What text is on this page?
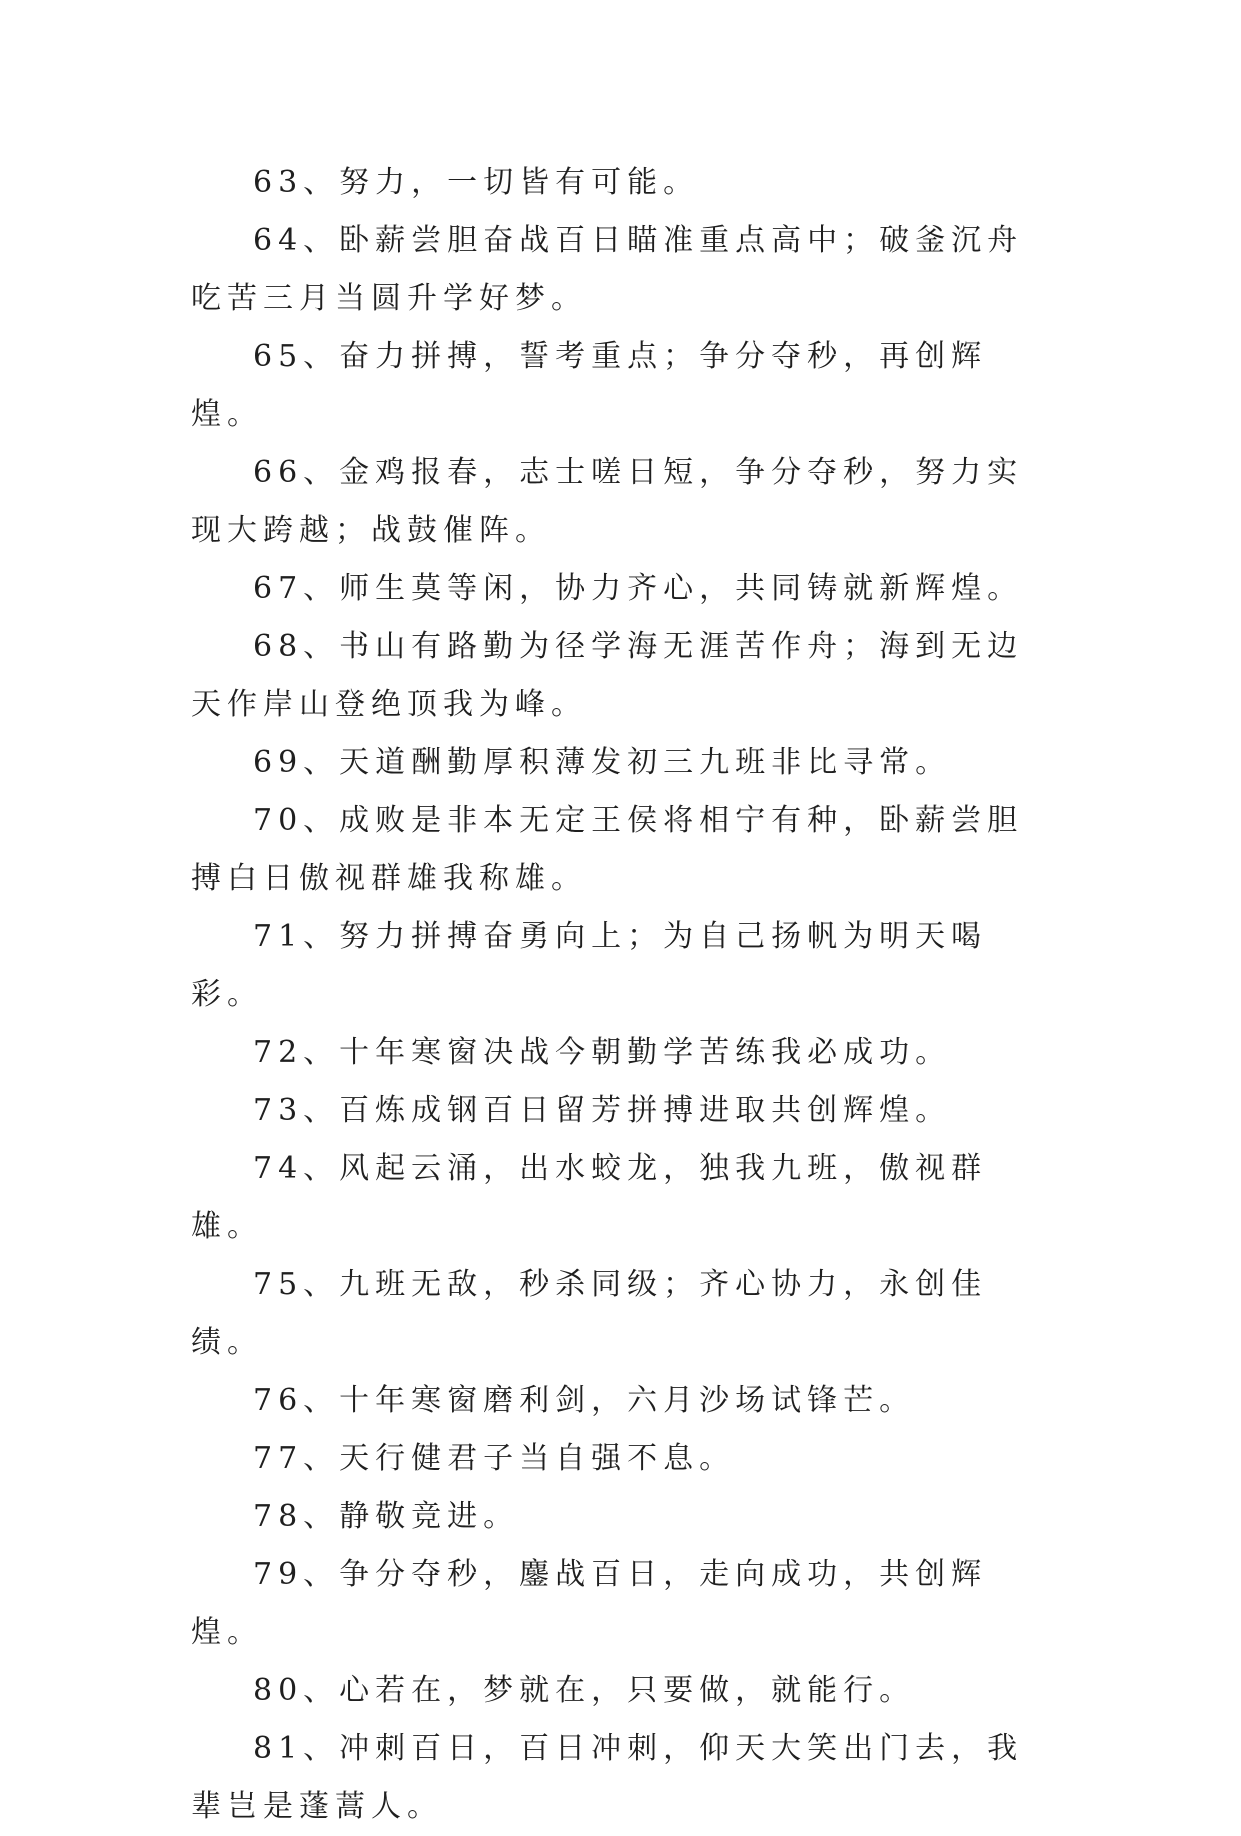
63、努力，一切皆有可能。

64、卧薪尝胆奋战百日瞄准重点高中；破釜沉舟吃苦三月当圆升学好梦。

65、奋力拼搏，誓考重点；争分夺秒，再创辉煌。

66、金鸡报春，志士嗟日短，争分夺秒，努力实现大跨越；战鼓催阵。

67、师生莫等闲，协力齐心，共同铸就新辉煌。

68、书山有路勤为径学海无涯苦作舟；海到无边天作岸山登绝顶我为峰。

69、天道酬勤厚积薄发初三九班非比寻常。

70、成败是非本无定王侯将相宁有种，卧薪尝胆搏白日傲视群雄我称雄。

71、努力拼搏奋勇向上；为自己扬帆为明天喝彩。

72、十年寒窗决战今朝勤学苦练我必成功。

73、百炼成钢百日留芳拼搏进取共创辉煌。

74、风起云涌，出水蛟龙，独我九班，傲视群雄。

75、九班无敌，秒杀同级；齐心协力，永创佳绩。

76、十年寒窗磨利剑，六月沙场试锋芒。

77、天行健君子当自强不息。

78、静敬竞进。

79、争分夺秒，鏖战百日，走向成功，共创辉煌。

80、心若在，梦就在，只要做，就能行。

81、冲刺百日，百日冲刺，仰天大笑出门去，我辈岂是蓬蒿人。
